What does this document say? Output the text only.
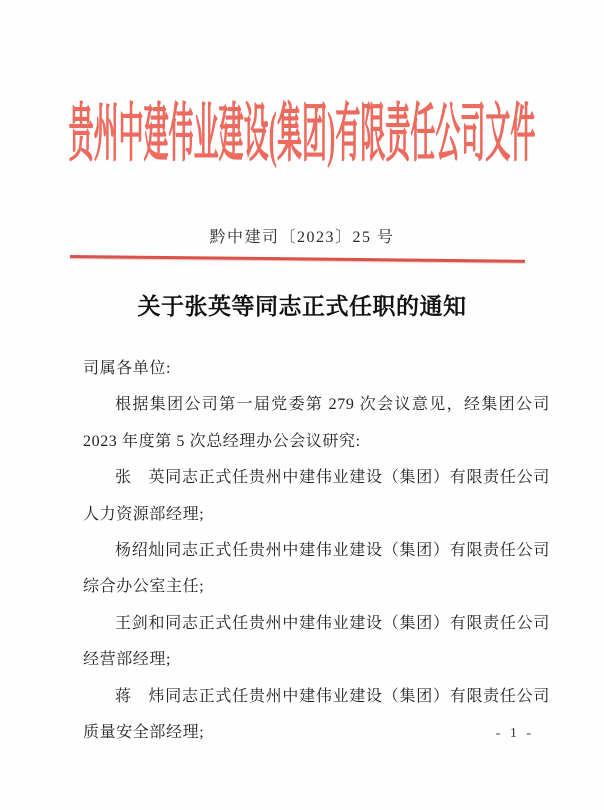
贵州中建伟业建设(集团)有限责任公司文件
黔中建司〔2023〕25 号
关于张英等同志正式任职的通知

司属各单位:

根据集团公司第一届党委第 279 次会议意见，经集团公司 2023 年度第 5 次总经理办公会议研究:

张　英同志正式任贵州中建伟业建设（集团）有限责任公司人力资源部经理;

杨绍灿同志正式任贵州中建伟业建设（集团）有限责任公司综合办公室主任;

王剑和同志正式任贵州中建伟业建设（集团）有限责任公司经营部经理;

蒋　炜同志正式任贵州中建伟业建设（集团）有限责任公司质量安全部经理;	- 1 -
